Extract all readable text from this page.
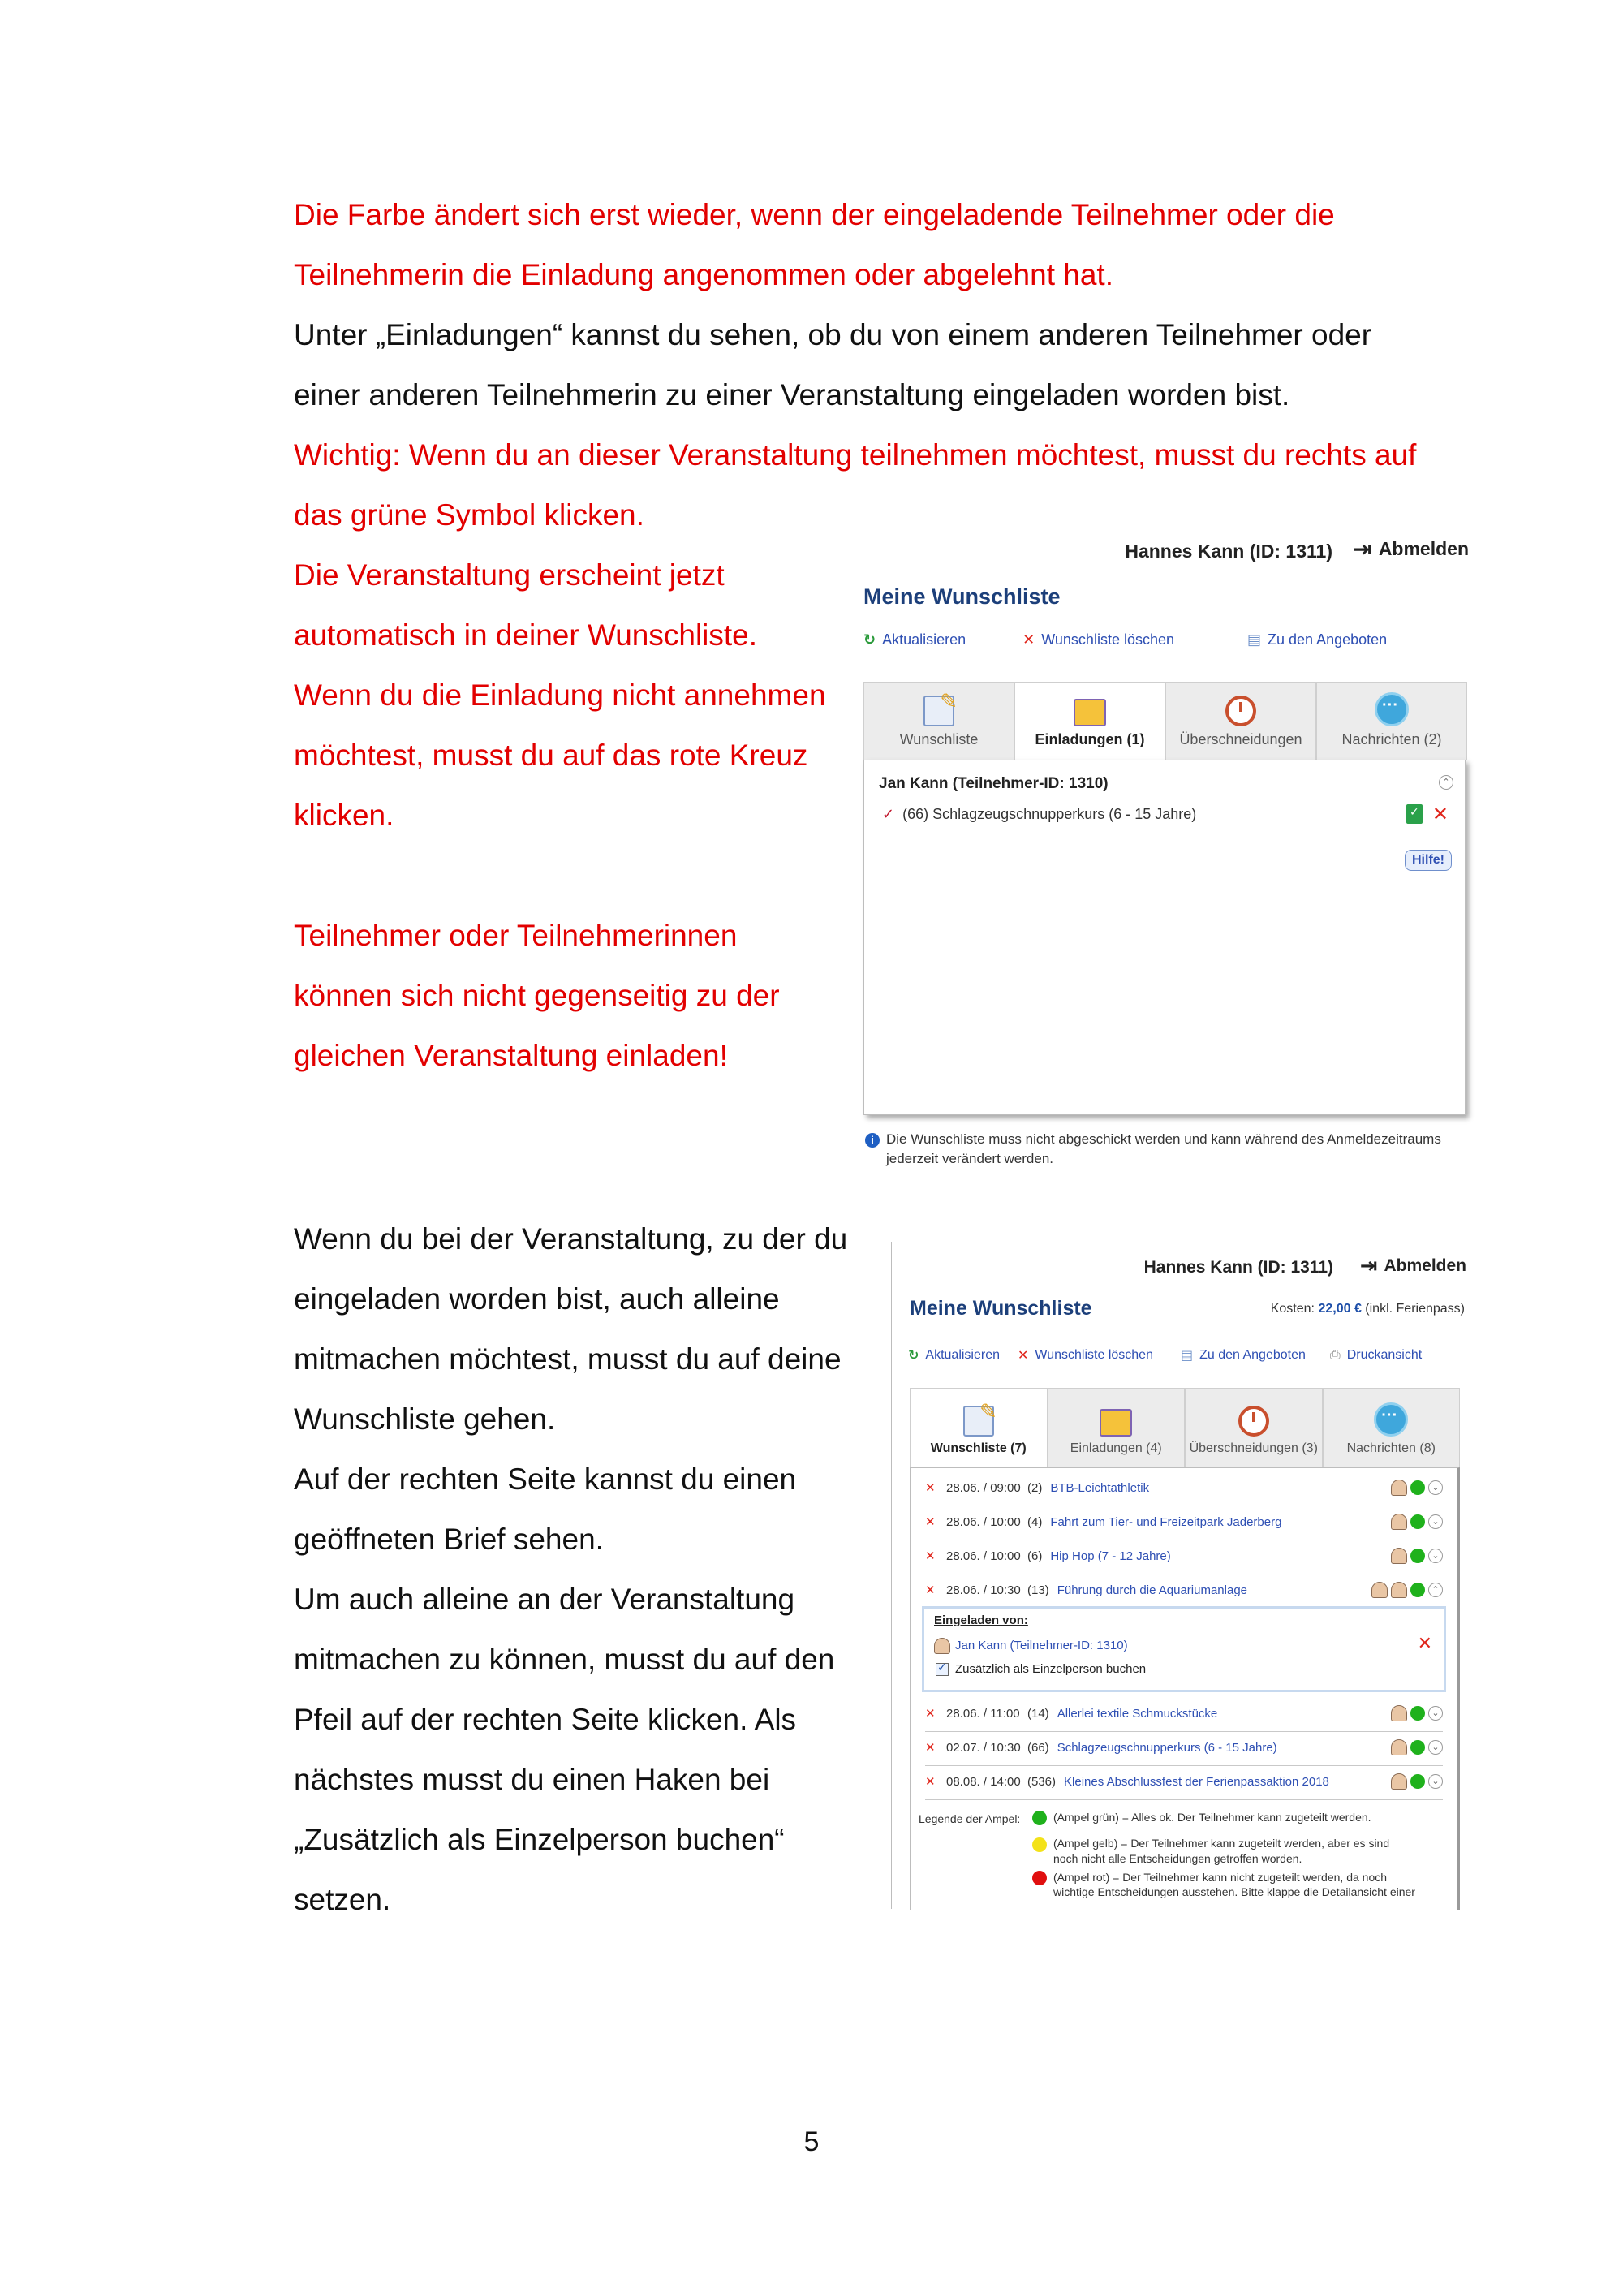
Die Farbe ändert sich erst wieder, wenn der eingeladende Teilnehmer oder die
Teilnehmerin die Einladung angenommen oder abgelehnt hat.
Unter „Einladungen“ kannst du sehen, ob du von einem anderen Teilnehmer oder
einer anderen Teilnehmerin zu einer Veranstaltung eingeladen worden bist.
Wichtig: Wenn du an dieser Veranstaltung teilnehmen möchtest, musst du rechts auf
das grüne Symbol klicken.
Die Veranstaltung erscheint jetzt
automatisch in deiner Wunschliste.
Wenn du die Einladung nicht annehmen
möchtest, musst du auf das rote Kreuz
klicken.
Teilnehmer oder Teilnehmerinnen
können sich nicht gegenseitig zu der
gleichen Veranstaltung einladen!
Wenn du bei der Veranstaltung, zu der du
eingeladen worden bist, auch alleine
mitmachen möchtest, musst du auf deine
Wunschliste gehen.
Auf der rechten Seite kannst du einen
geöffneten Brief sehen.
Um auch alleine an der Veranstaltung
mitmachen zu können, musst du auf den
Pfeil auf der rechten Seite klicken. Als
nächstes musst du einen Haken bei
„Zusätzlich als Einzelperson buchen“
setzen.
Hannes Kann (ID: 1311) ⇥ Abmelden
Meine Wunschliste
↻ Aktualisieren	✕ Wunschliste löschen	▤ Zu den Angeboten
✎
Wunschliste	Einladungen (1) Überschneidungen
···	Nachrichten (2)
Jan Kann (Teilnehmer-ID: 1310)	⌃
✓ (66) Schlagzeugschnupperkurs (6 - 15 Jahre)
✓	✕
Hilfe!
i Die Wunschliste muss nicht abgeschickt werden und kann während des Anmeldezeitraums
jederzeit verändert werden.
Hannes Kann (ID: 1311) ⇥ Abmelden
Meine Wunschliste	Kosten: 22,00 € (inkl. Ferienpass)
↻ Aktualisieren ✕ Wunschliste löschen ▤ Zu den Angeboten ⎙ Druckansicht
✎
Wunschliste (7)	Einladungen (4) Überschneidungen (3)
··· Nachrichten (8)
✕ 28.06. / 09:00 (2) BTB-Leichtathletik	⌄
✕ 28.06. / 10:00 (4) Fahrt zum Tier- und Freizeitpark Jaderberg	⌄
✕ 28.06. / 10:00 (6) Hip Hop (7 - 12 Jahre)	⌄
✕ 28.06. / 10:30 (13) Führung durch die Aquariumanlage	⌃
Eingeladen von:
Jan Kann (Teilnehmer-ID: 1310)	✕
✓
Zusätzlich als Einzelperson buchen
✕ 28.06. / 11:00 (14) Allerlei textile Schmuckstücke	⌄
✕ 02.07. / 10:30 (66) Schlagzeugschnupperkurs (6 - 15 Jahre)	⌄
✕ 08.08. / 14:00 (536) Kleines Abschlussfest der Ferienpassaktion 2018	⌄
Legende der Ampel:	(Ampel grün) = Alles ok. Der Teilnehmer kann zugeteilt werden.
(Ampel gelb) = Der Teilnehmer kann zugeteilt werden, aber es sind
noch nicht alle Entscheidungen getroffen worden.
(Ampel rot) = Der Teilnehmer kann nicht zugeteilt werden, da noch
wichtige Entscheidungen ausstehen. Bitte klappe die Detailansicht einer
5
